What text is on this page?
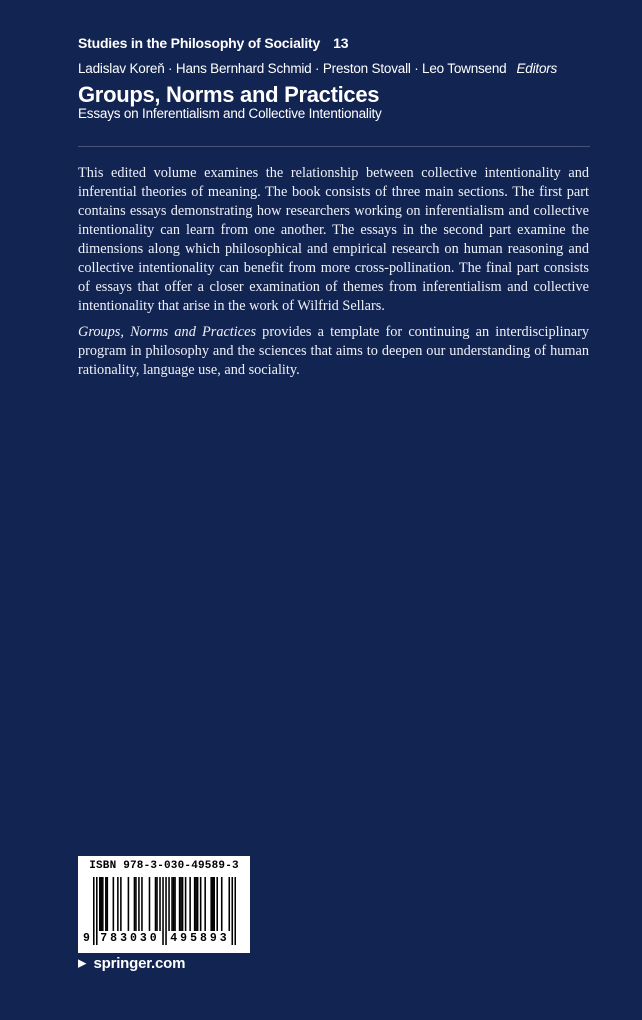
Studies in the Philosophy of Sociality 13
Ladislav Koreň · Hans Bernhard Schmid · Preston Stovall · Leo Townsend Editors
Groups, Norms and Practices
Essays on Inferentialism and Collective Intentionality

This edited volume examines the relationship between collective intentionality and inferential theories of meaning. The book consists of three main sections. The first part contains essays demonstrating how researchers working on inferentialism and collective intentionality can learn from one another. The essays in the second part examine the dimensions along which philosophical and empirical research on human reasoning and collective intentionality can benefit from more cross-pollination. The final part consists of essays that offer a closer examination of themes from inferentialism and collective intentionality that arise in the work of Wilfrid Sellars.

Groups, Norms and Practices provides a template for continuing an interdisciplinary program in philosophy and the sciences that aims to deepen our understanding of human rationality, language use, and sociality.

ISBN 978-3-030-49589-3
9 783030 495893
▶ springer.com
